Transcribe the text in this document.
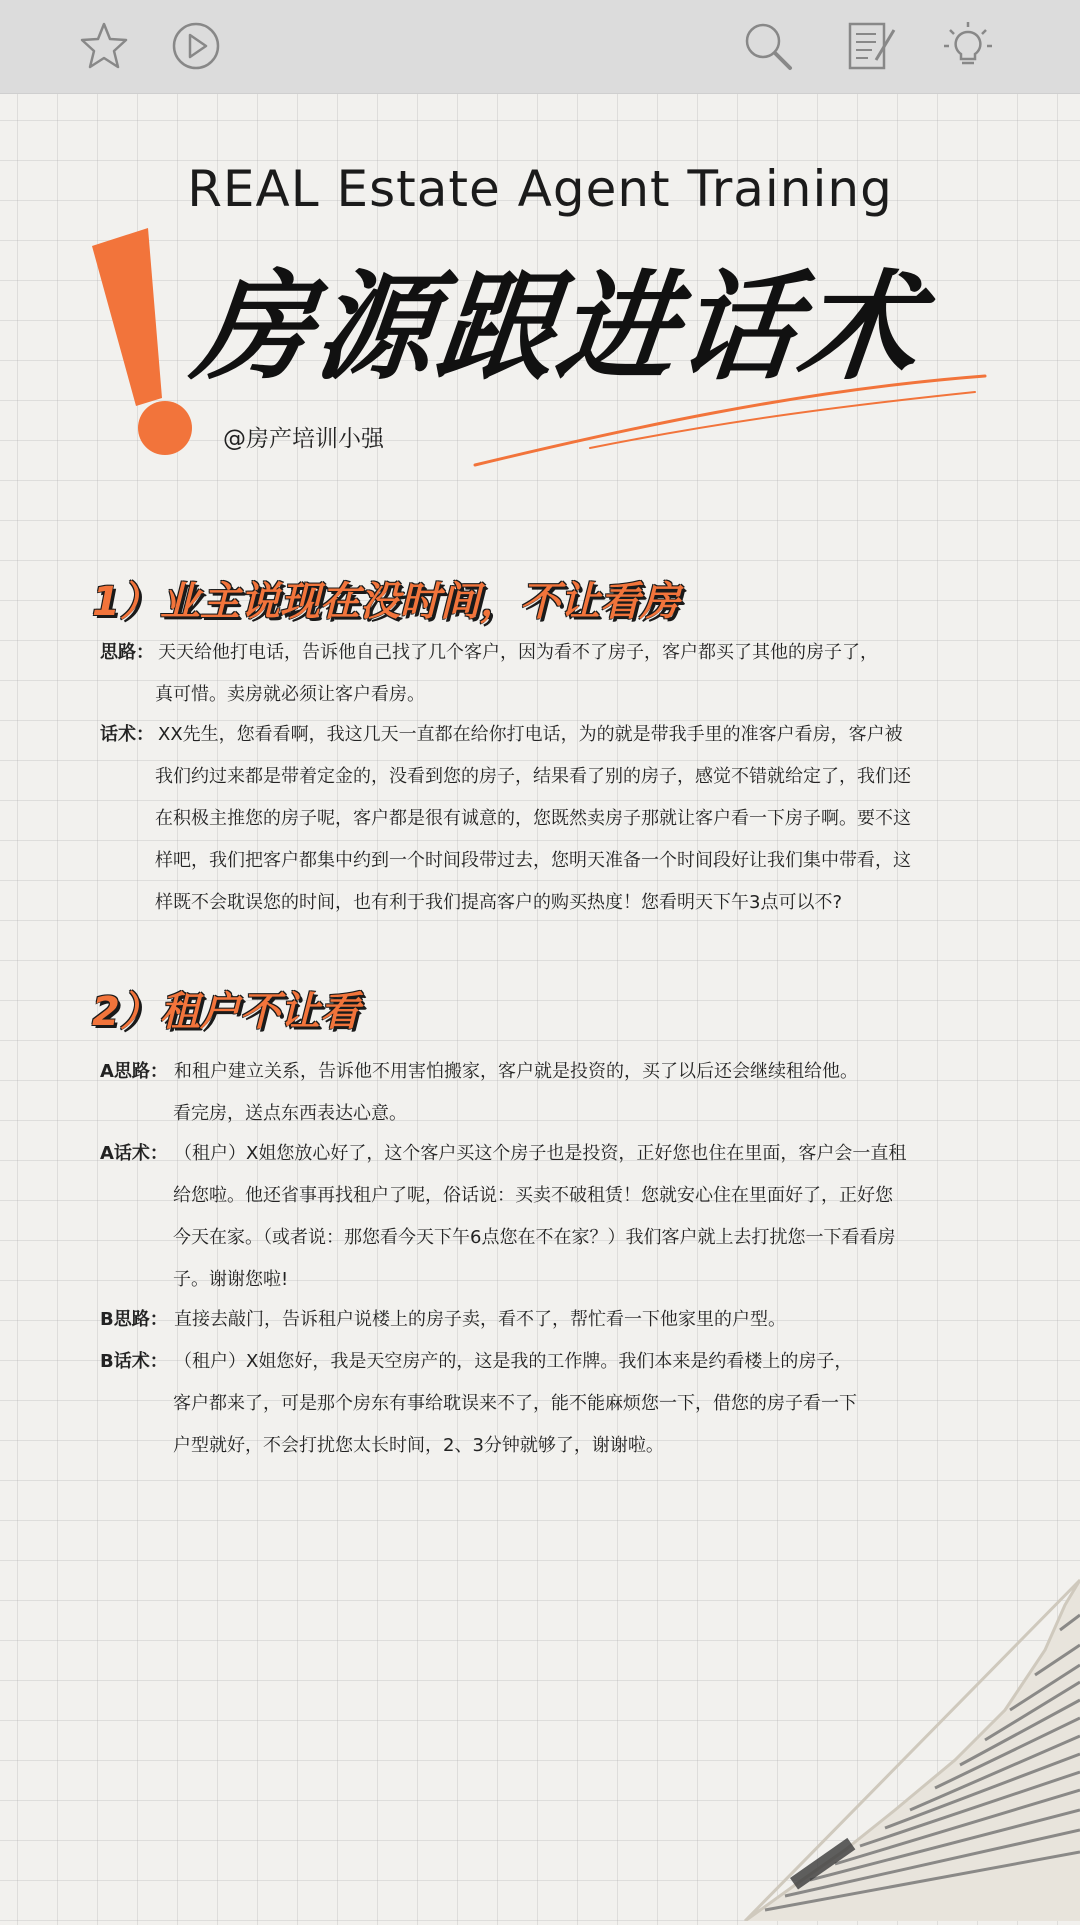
REAL Estate Agent Training
房源跟进话术
@房产培训小强
1）业主说现在没时间，不让看房
思路： 天天给他打电话，告诉他自己找了几个客户，因为看不了房子，客户都买了其他的房子了，
真可惜。卖房就必须让客户看房。
话术： XX先生，您看看啊，我这几天一直都在给你打电话，为的就是带我手里的准客户看房，客户被
我们约过来都是带着定金的，没看到您的房子，结果看了别的房子，感觉不错就给定了，我们还
在积极主推您的房子呢，客户都是很有诚意的，您既然卖房子那就让客户看一下房子啊。要不这
样吧，我们把客户都集中约到一个时间段带过去，您明天准备一个时间段好让我们集中带看，这
样既不会耽误您的时间，也有利于我们提高客户的购买热度！您看明天下午3点可以不?
2）租户不让看
A思路： 和租户建立关系，告诉他不用害怕搬家，客户就是投资的，买了以后还会继续租给他。
看完房，送点东西表达心意。
A话术： （租户）X姐您放心好了，这个客户买这个房子也是投资，正好您也住在里面，客户会一直租
给您啦。他还省事再找租户了呢，俗话说：买卖不破租赁！您就安心住在里面好了，正好您
今天在家。（或者说：那您看今天下午6点您在不在家？）我们客户就上去打扰您一下看看房
子。谢谢您啦!
B思路： 直接去敲门，告诉租户说楼上的房子卖，看不了，帮忙看一下他家里的户型。
B话术： （租户）X姐您好，我是天空房产的，这是我的工作牌。我们本来是约看楼上的房子，
客户都来了，可是那个房东有事给耽误来不了，能不能麻烦您一下，借您的房子看一下
户型就好，不会打扰您太长时间，2、3分钟就够了，谢谢啦。
